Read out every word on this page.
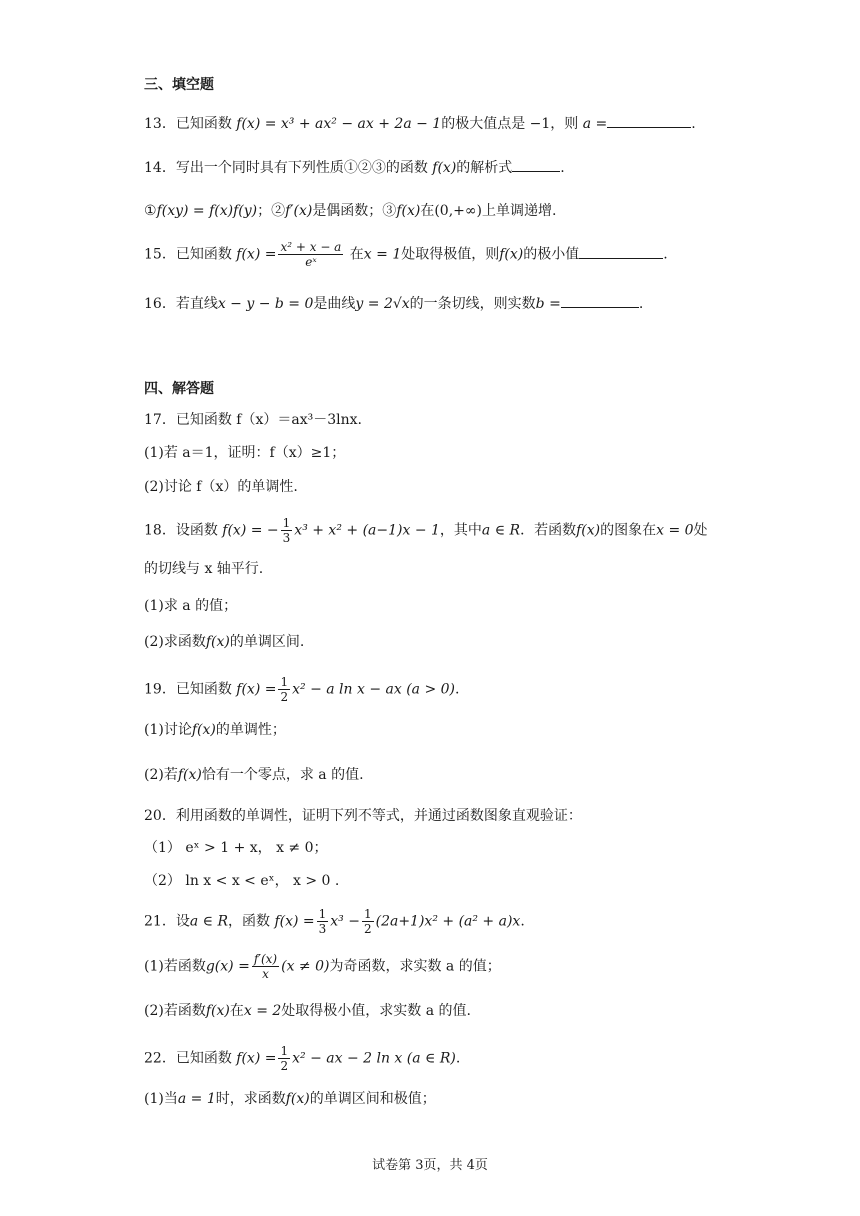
三、填空题
13．已知函数 f(x) = x³ + ax² − ax + 2a − 1的极大值点是 −1，则 a =	.
14．写出一个同时具有下列性质①②③的函数 f(x)的解析式	.
①f(xy) = f(x)f(y)；②f′(x)是偶函数；③f(x)在(0,+∞)上单调递增.
15．已知函数 $f(x) = \frac{\text{x² + x − a}}{\text{eˣ}}$ 在x = 1处取得极值，则f(x)的极小值	.
16．若直线x − y − b = 0是曲线y = 2√x的一条切线，则实数b =	.
四、解答题
17．已知函数 f（x）＝ax³－3lnx.
(1)若 a＝1，证明：f（x）≥1；
(2)讨论 f（x）的单调性.
18．设函数 f(x) = − $\frac{1}{3} x^3 + x^2 + (a-1)x - 1$，其中a ∈ R．若函数f(x)的图象在x = 0处
的切线与 x 轴平行.
(1)求 a 的值；
(2)求函数f(x)的单调区间.
19．已知函数 $f(x) = \frac{1}{2} x^2 - a$ ln x − ax (a > 0).
(1)讨论f(x)的单调性；
(2)若f(x)恰有一个零点，求 a 的值.
20．利用函数的单调性，证明下列不等式，并通过函数图象直观验证：
（1） eˣ > 1 + x， x ≠ 0；
（2） ln x < x < eˣ， x > 0 .
21．设a ∈ R，函数 $f(x) = \frac{1}{3} x^3 - \frac{1}{2} (2a+1)x^2 + (a^2 + a)x$.
(1)若函数$g(x) = \frac{f'(x)}{x} (x \ne 0)$为奇函数，求实数 a 的值；
(2)若函数f(x)在x = 2处取得极小值，求实数 a 的值.
22．已知函数 $f(x) = \frac{1}{2} x^2$ − ax − 2 ln x (a ∈ R).
(1)当a = 1时，求函数f(x)的单调区间和极值；
试卷第 3页，共 4页
